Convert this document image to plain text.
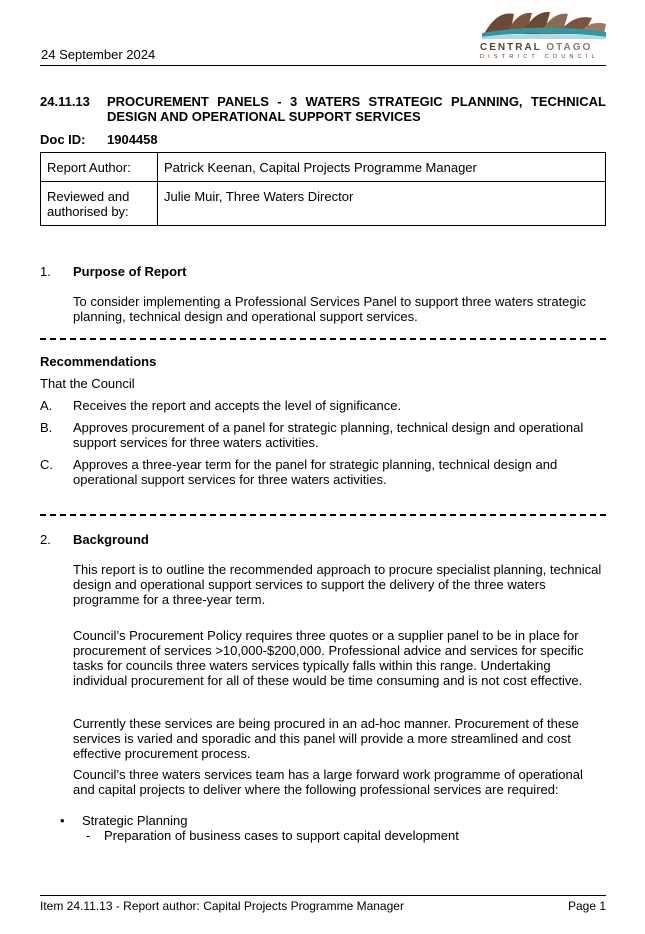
24 September 2024	CENTRAL OTAGO
DISTRICT COUNCIL
24.11.13 PROCUREMENT PANELS - 3 WATERS STRATEGIC PLANNING, TECHNICAL DESIGN AND OPERATIONAL SUPPORT SERVICES
Doc ID: 1904458
Report Author:	Patrick Keenan, Capital Projects Programme Manager
Reviewed and authorised by:	Julie Muir, Three Waters Director
1. Purpose of Report
To consider implementing a Professional Services Panel to support three waters strategic planning, technical design and operational support services.
Recommendations
That the Council
A. Receives the report and accepts the level of significance.
B. Approves procurement of a panel for strategic planning, technical design and operational support services for three waters activities.
C. Approves a three-year term for the panel for strategic planning, technical design and operational support services for three waters activities.
2. Background
This report is to outline the recommended approach to procure specialist planning, technical design and operational support services to support the delivery of the three waters programme for a three-year term.
Council’s Procurement Policy requires three quotes or a supplier panel to be in place for procurement of services >10,000-$200,000. Professional advice and services for specific tasks for councils three waters services typically falls within this range. Undertaking individual procurement for all of these would be time consuming and is not cost effective.
Currently these services are being procured in an ad-hoc manner. Procurement of these services is varied and sporadic and this panel will provide a more streamlined and cost effective procurement process.
Council’s three waters services team has a large forward work programme of operational and capital projects to deliver where the following professional services are required:
• Strategic Planning
- Preparation of business cases to support capital development
Item 24.11.13 - Report author: Capital Projects Programme Manager	Page 1
